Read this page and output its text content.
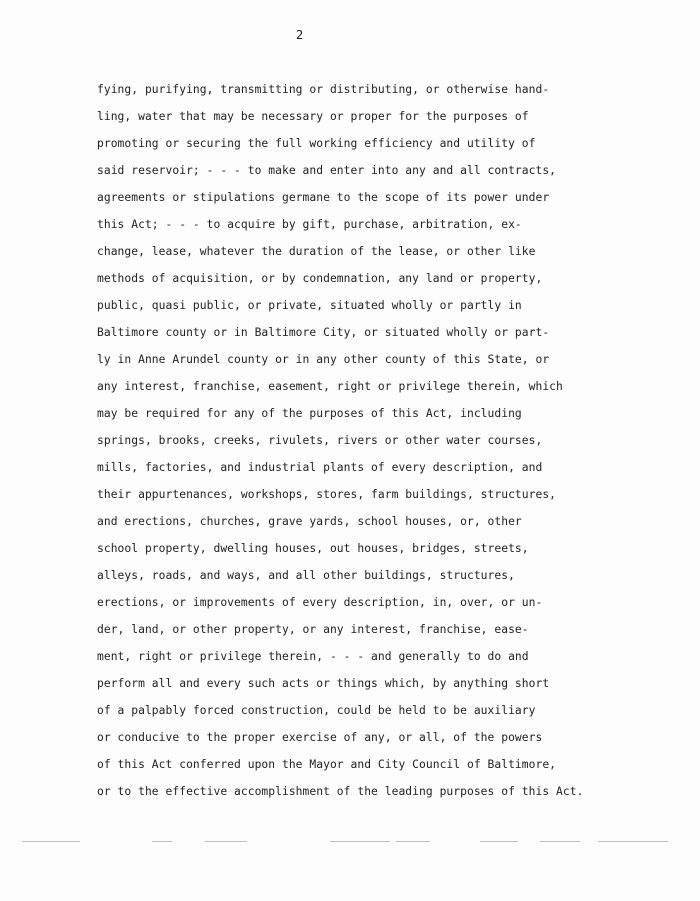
2
fying, purifying, transmitting or distributing, or otherwise hand-
ling, water that may be necessary or proper for the purposes of
promoting or securing the full working efficiency and utility of
said reservoir; - - - to make and enter into any and all contracts,
agreements or stipulations germane to the scope of its power under
this Act; - - - to acquire by gift, purchase, arbitration, ex-
change, lease, whatever the duration of the lease, or other like
methods of acquisition, or by condemnation, any land or property,
public, quasi public, or private, situated wholly or partly in
Baltimore county or in Baltimore City, or situated wholly or part-
ly in Anne Arundel county or in any other county of this State, or
any interest, franchise, easement, right or privilege therein, which
may be required for any of the purposes of this Act, including
springs, brooks, creeks, rivulets, rivers or other water courses,
mills, factories, and industrial plants of every description, and
their appurtenances, workshops, stores, farm buildings, structures,
and erections, churches, grave yards, school houses, or, other
school property, dwelling houses, out houses, bridges, streets,
alleys, roads, and ways, and all other buildings, structures,
erections, or improvements of every description, in, over, or un-
der, land, or other property, or any interest, franchise, ease-
ment, right or privilege therein, - - - and generally to do and
perform all and every such acts or things which, by anything short
of a palpably forced construction, could be held to be auxiliary
or conducive to the proper exercise of any, or all, of the powers
of this Act conferred upon the Mayor and City Council of Baltimore,
or to the effective accomplishment of the leading purposes of this Act.
